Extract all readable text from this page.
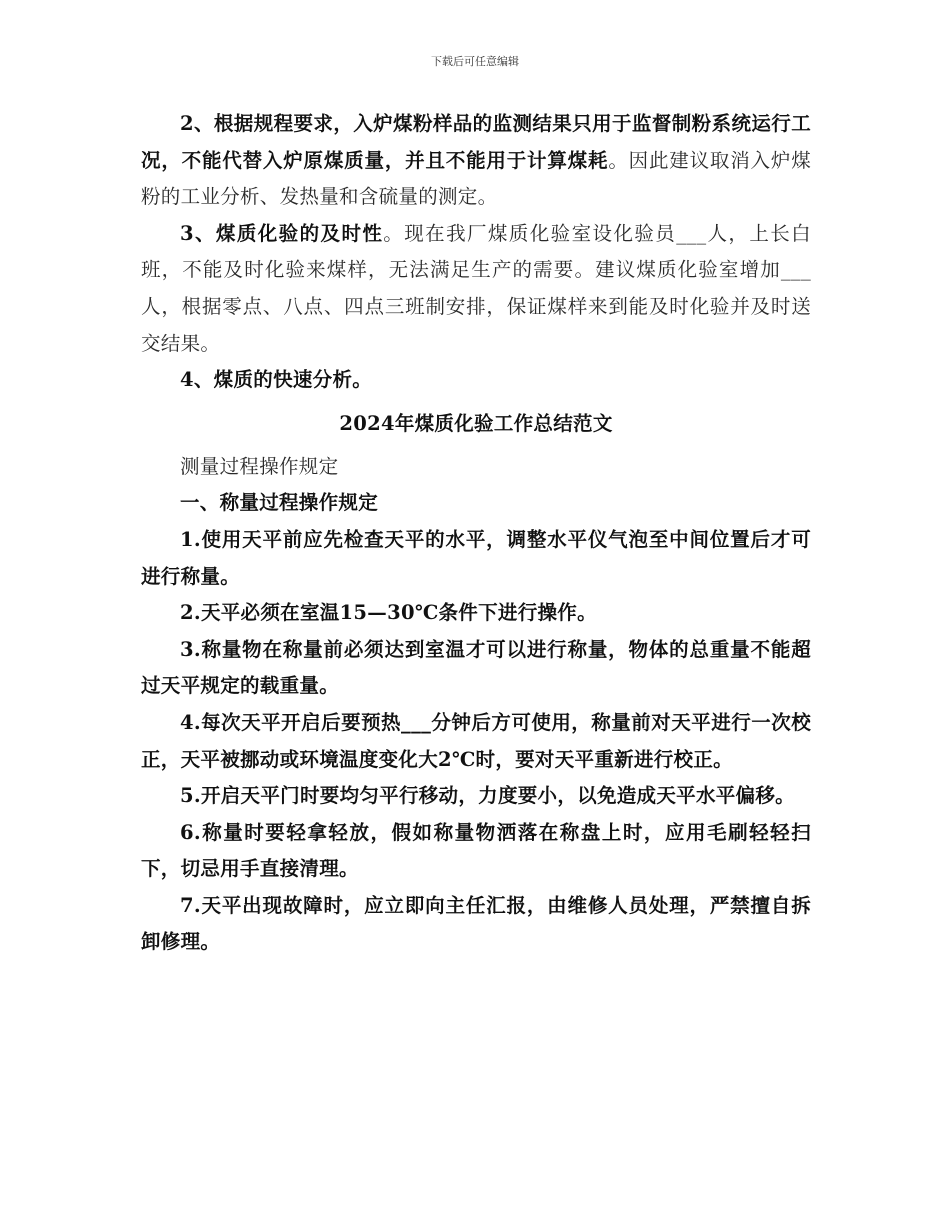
下载后可任意编辑

2、根据规程要求，入炉煤粉样品的监测结果只用于监督制粉系统运行工况，不能代替入炉原煤质量，并且不能用于计算煤耗。因此建议取消入炉煤粉的工业分析、发热量和含硫量的测定。

3、煤质化验的及时性。现在我厂煤质化验室设化验员___人，上长白班，不能及时化验来煤样，无法满足生产的需要。建议煤质化验室增加___人，根据零点、八点、四点三班制安排，保证煤样来到能及时化验并及时送交结果。

4、煤质的快速分析。

2024年煤质化验工作总结范文

测量过程操作规定

一、称量过程操作规定

1.使用天平前应先检查天平的水平，调整水平仪气泡至中间位置后才可进行称量。

2.天平必须在室温15—30℃条件下进行操作。

3.称量物在称量前必须达到室温才可以进行称量，物体的总重量不能超过天平规定的载重量。

4.每次天平开启后要预热___分钟后方可使用，称量前对天平进行一次校正，天平被挪动或环境温度变化大2℃时，要对天平重新进行校正。

5.开启天平门时要均匀平行移动，力度要小，以免造成天平水平偏移。

6.称量时要轻拿轻放，假如称量物洒落在称盘上时，应用毛刷轻轻扫下，切忌用手直接清理。

7.天平出现故障时，应立即向主任汇报，由维修人员处理，严禁擅自拆卸修理。
